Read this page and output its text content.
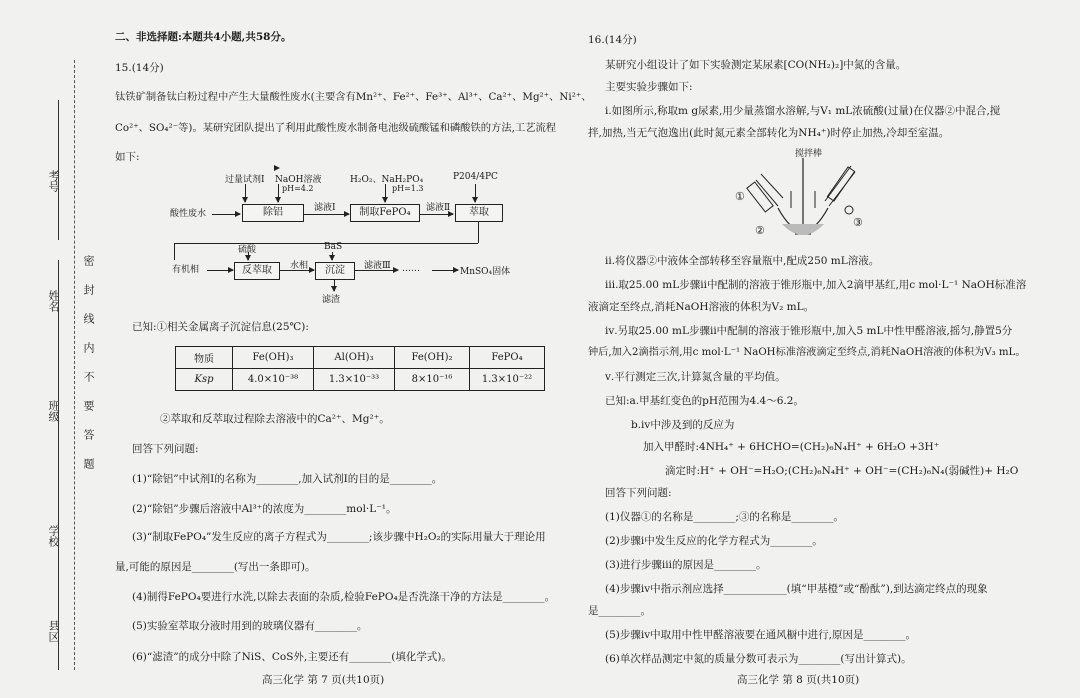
考号
姓名
班级
学校
县区
密封线内不要答题
二、非选择题:本题共4小题,共58分。
15.(14分)
钛铁矿制备钛白粉过程中产生大量酸性废水(主要含有Mn²⁺、Fe²⁺、Fe³⁺、Al³⁺、Ca²⁺、Mg²⁺、Ni²⁺、
Co²⁺、SO₄²⁻等)。某研究团队提出了利用此酸性废水制备电池级硫酸锰和磷酸铁的方法,工艺流程
如下:
过量试剂Ⅰ NaOH溶液
pH=4.2
酸性废水	除铝	滤液Ⅰ
H₂O₂、NaH₂PO₄
pH=1.3
制取FePO₄	滤液Ⅱ
P204/4PC
萃取
有机相
硫酸
反萃取	水相
BaS
沉淀	滤液Ⅲ ……	MnSO₄固体
滤渣
已知:①相关金属离子沉淀信息(25℃):
物质	Fe(OH)₃	Al(OH)₃	Fe(OH)₂	FePO₄
Ksp	4.0×10⁻³⁸	1.3×10⁻³³	8×10⁻¹⁶	1.3×10⁻²²
②萃取和反萃取过程除去溶液中的Ca²⁺、Mg²⁺。
回答下列问题:
(1)“除铝”中试剂Ⅰ的名称为________,加入试剂Ⅰ的目的是________。
(2)“除铝”步骤后溶液中Al³⁺的浓度为________mol·L⁻¹。
(3)“制取FePO₄”发生反应的离子方程式为________;该步骤中H₂O₂的实际用量大于理论用
量,可能的原因是________(写出一条即可)。
(4)制得FePO₄要进行水洗,以除去表面的杂质,检验FePO₄是否洗涤干净的方法是________。
(5)实验室萃取分液时用到的玻璃仪器有________。
(6)“滤渣”的成分中除了NiS、CoS外,主要还有________(填化学式)。
高三化学 第 7 页(共10页)
16.(14分)
某研究小组设计了如下实验测定某尿素[CO(NH₂)₂]中氮的含量。
主要实验步骤如下:
ⅰ.如图所示,称取m g尿素,用少量蒸馏水溶解,与V₁ mL浓硫酸(过量)在仪器②中混合,搅
拌,加热,当无气泡逸出(此时氮元素全部转化为NH₄⁺)时停止加热,冷却至室温。
搅拌棒
①
②
③
ⅱ.将仪器②中液体全部转移至容量瓶中,配成250 mL溶液。
ⅲ.取25.00 mL步骤ⅱ中配制的溶液于锥形瓶中,加入2滴甲基红,用c mol·L⁻¹ NaOH标准溶
液滴定至终点,消耗NaOH溶液的体积为V₂ mL。
ⅳ.另取25.00 mL步骤ⅱ中配制的溶液于锥形瓶中,加入5 mL中性甲醛溶液,摇匀,静置5分
钟后,加入2滴指示剂,用c mol·L⁻¹ NaOH标准溶液滴定至终点,消耗NaOH溶液的体积为V₃ mL。
ⅴ.平行测定三次,计算氮含量的平均值。
已知:a.甲基红变色的pH范围为4.4～6.2。
b.ⅳ中涉及到的反应为
加入甲醛时:4NH₄⁺ + 6HCHO=(CH₂)₆N₄H⁺ + 6H₂O +3H⁺
滴定时:H⁺ + OH⁻=H₂O;(CH₂)₆N₄H⁺ + OH⁻=(CH₂)₆N₄(弱碱性)+ H₂O
回答下列问题:
(1)仪器①的名称是________;③的名称是________。
(2)步骤ⅰ中发生反应的化学方程式为________。
(3)进行步骤ⅲ的原因是________。
(4)步骤ⅳ中指示剂应选择____________(填“甲基橙”或“酚酞”),到达滴定终点的现象
是________。
(5)步骤ⅳ中取用中性甲醛溶液要在通风橱中进行,原因是________。
(6)单次样品测定中氮的质量分数可表示为________(写出计算式)。
高三化学 第 8 页(共10页)
